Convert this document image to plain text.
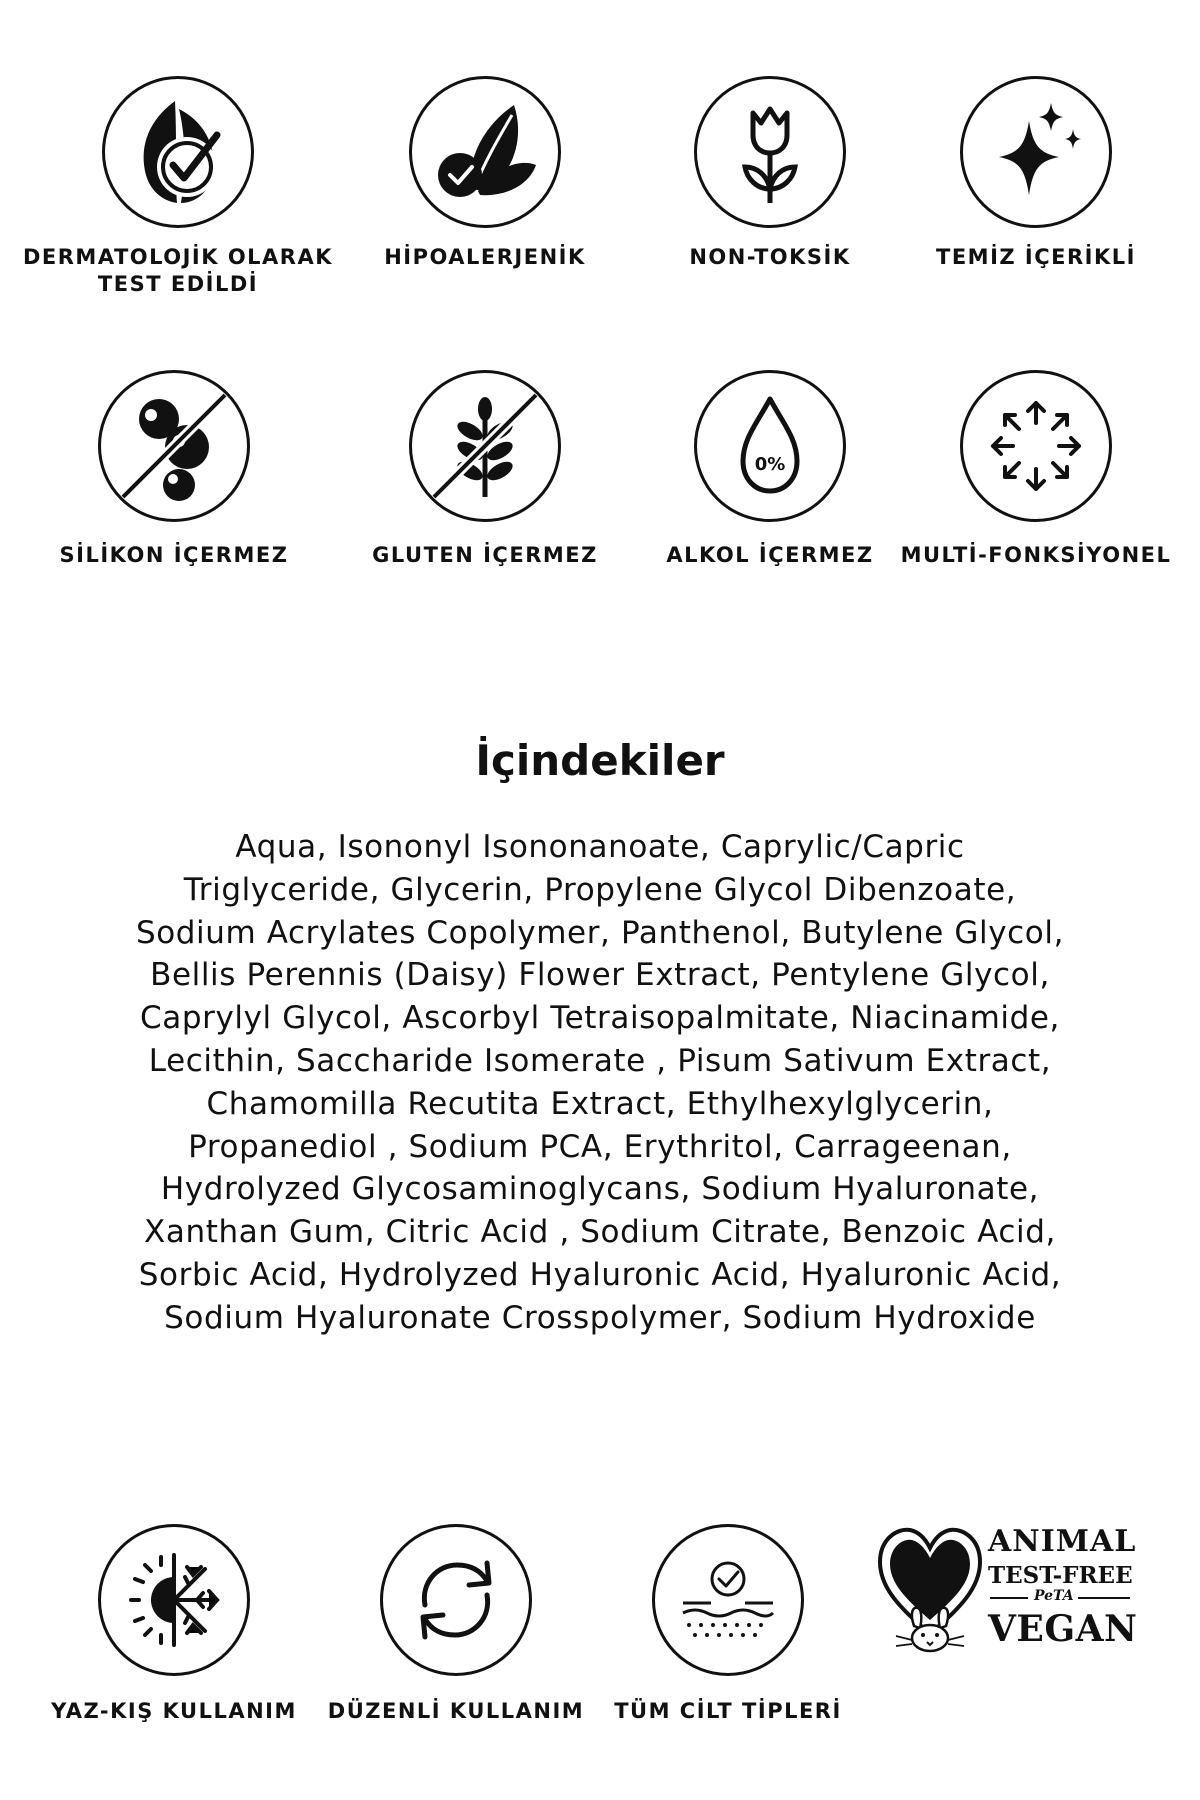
DERMATOLOJİK OLARAK
TEST EDİLDİ
HİPOALERJENİK	NON-TOKSİK	TEMİZ İÇERİKLİ
SİLİKON İÇERMEZ	GLUTEN İÇERMEZ
0%
ALKOL İÇERMEZ	MULTİ-FONKSİYONEL
İçindekiler
Aqua, Isononyl Isononanoate, Caprylic/Capric
Triglyceride, Glycerin, Propylene Glycol Dibenzoate,
Sodium Acrylates Copolymer, Panthenol, Butylene Glycol,
Bellis Perennis (Daisy) Flower Extract, Pentylene Glycol,
Caprylyl Glycol, Ascorbyl Tetraisopalmitate, Niacinamide,
Lecithin, Saccharide Isomerate , Pisum Sativum Extract,
Chamomilla Recutita Extract, Ethylhexylglycerin,
Propanediol , Sodium PCA, Erythritol, Carrageenan,
Hydrolyzed Glycosaminoglycans, Sodium Hyaluronate,
Xanthan Gum, Citric Acid , Sodium Citrate, Benzoic Acid,
Sorbic Acid, Hydrolyzed Hyaluronic Acid, Hyaluronic Acid,
Sodium Hyaluronate Crosspolymer, Sodium Hydroxide
YAZ-KIŞ KULLANIM	DÜZENLİ KULLANIM	TÜM CİLT TİPLERİ
ANIMAL
TEST-FREE
PeTA
VEGAN
